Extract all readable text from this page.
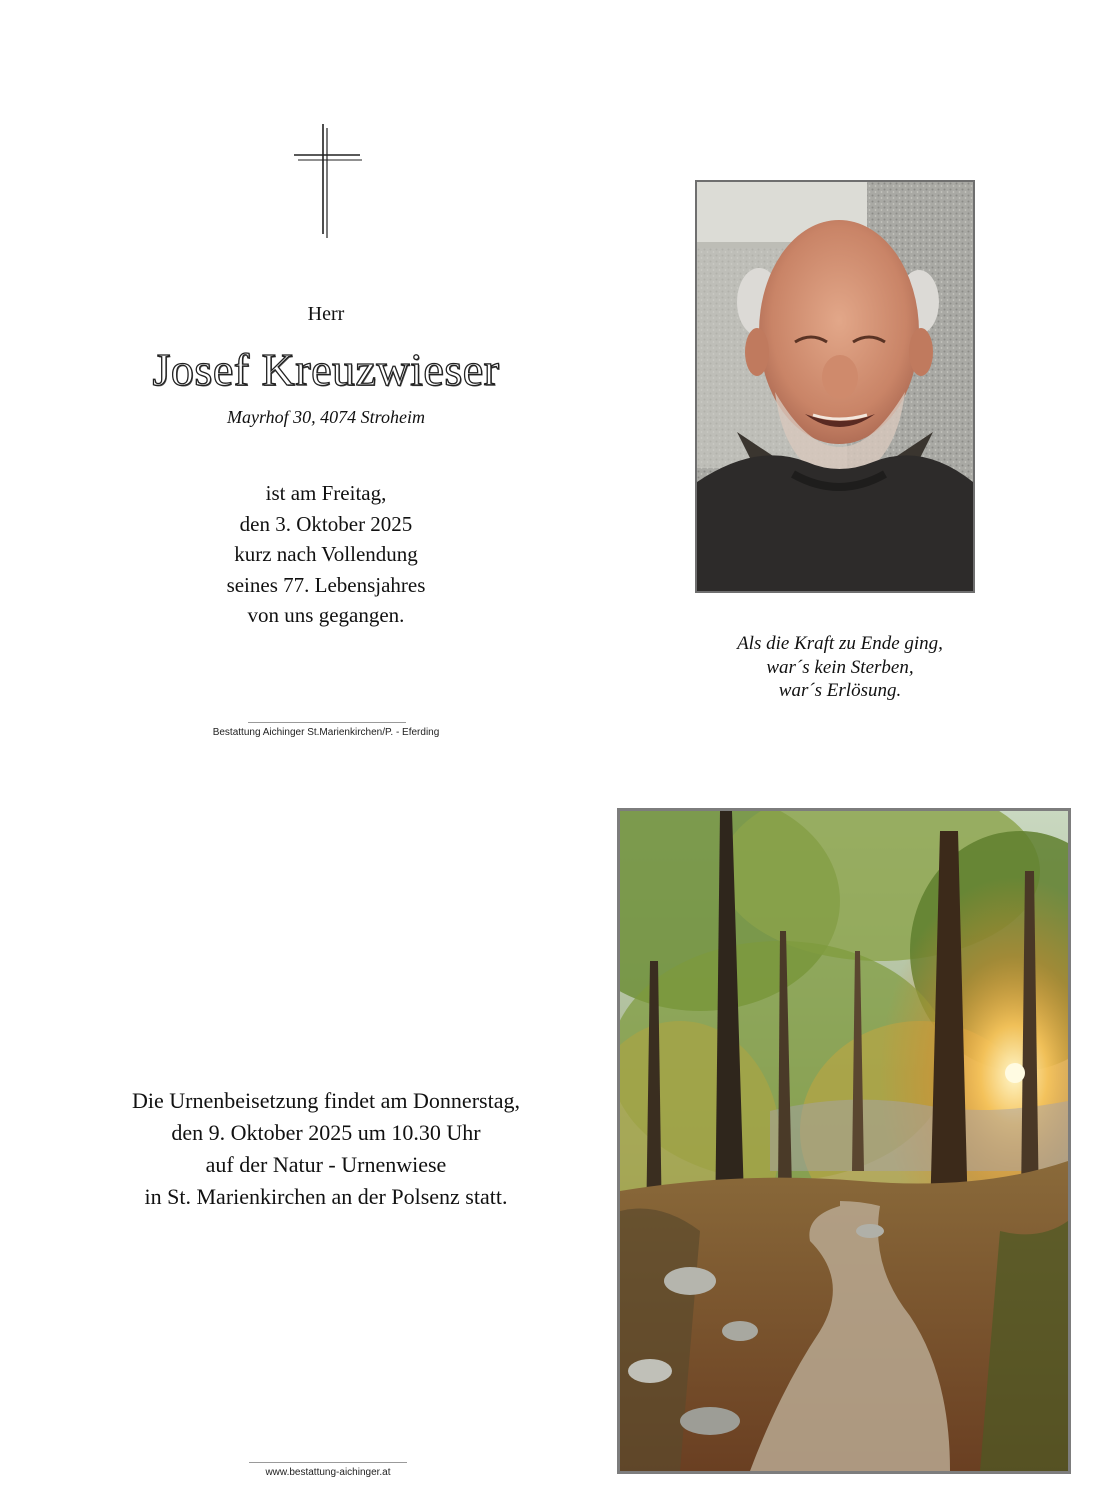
Herr
Josef Kreuzwieser
Mayrhof 30, 4074 Stroheim
ist am Freitag,
den 3. Oktober 2025
kurz nach Vollendung
seines 77. Lebensjahres
von uns gegangen.
Bestattung Aichinger St.Marienkirchen/P. - Eferding
Als die Kraft zu Ende ging,
war´s kein Sterben,
war´s Erlösung.
Die Urnenbeisetzung findet am Donnerstag,
den 9. Oktober 2025 um 10.30 Uhr
auf der Natur - Urnenwiese
in St. Marienkirchen an der Polsenz statt.
www.bestattung-aichinger.at
